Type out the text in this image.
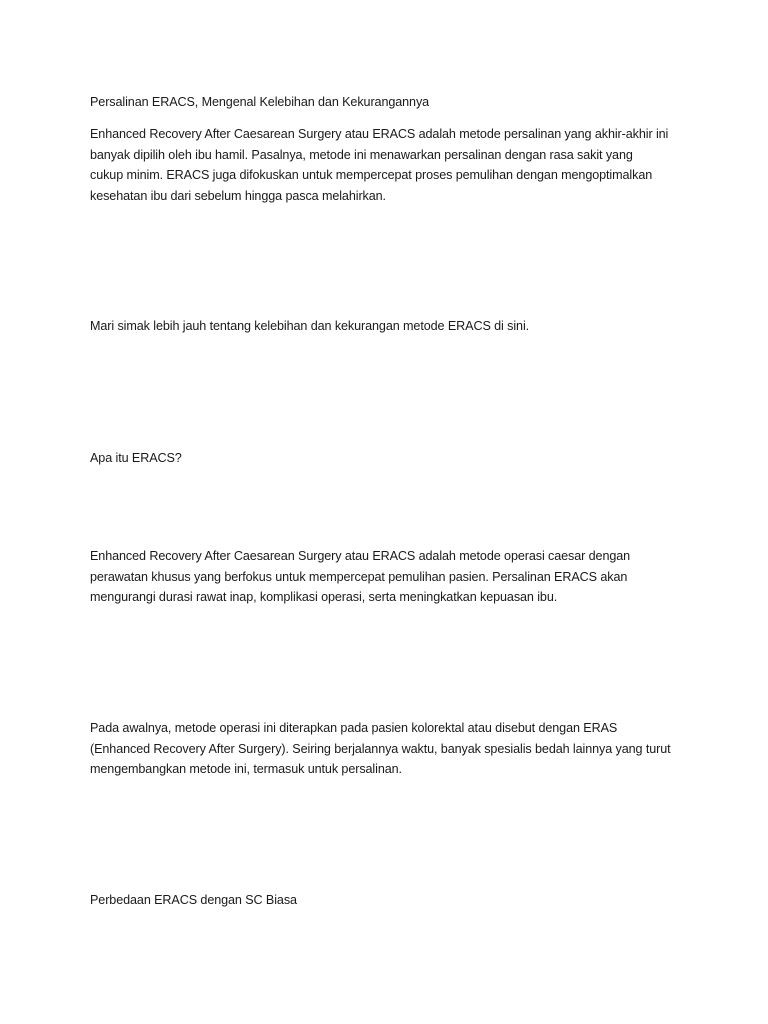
Persalinan ERACS, Mengenal Kelebihan dan Kekurangannya

Enhanced Recovery After Caesarean Surgery atau ERACS adalah metode persalinan yang akhir-akhir ini
banyak dipilih oleh ibu hamil. Pasalnya, metode ini menawarkan persalinan dengan rasa sakit yang
cukup minim. ERACS juga difokuskan untuk mempercepat proses pemulihan dengan mengoptimalkan
kesehatan ibu dari sebelum hingga pasca melahirkan.

Mari simak lebih jauh tentang kelebihan dan kekurangan metode ERACS di sini.

Apa itu ERACS?

Enhanced Recovery After Caesarean Surgery atau ERACS adalah metode operasi caesar dengan
perawatan khusus yang berfokus untuk mempercepat pemulihan pasien. Persalinan ERACS akan
mengurangi durasi rawat inap, komplikasi operasi, serta meningkatkan kepuasan ibu.

Pada awalnya, metode operasi ini diterapkan pada pasien kolorektal atau disebut dengan ERAS
(Enhanced Recovery After Surgery). Seiring berjalannya waktu, banyak spesialis bedah lainnya yang turut
mengembangkan metode ini, termasuk untuk persalinan.

Perbedaan ERACS dengan SC Biasa
